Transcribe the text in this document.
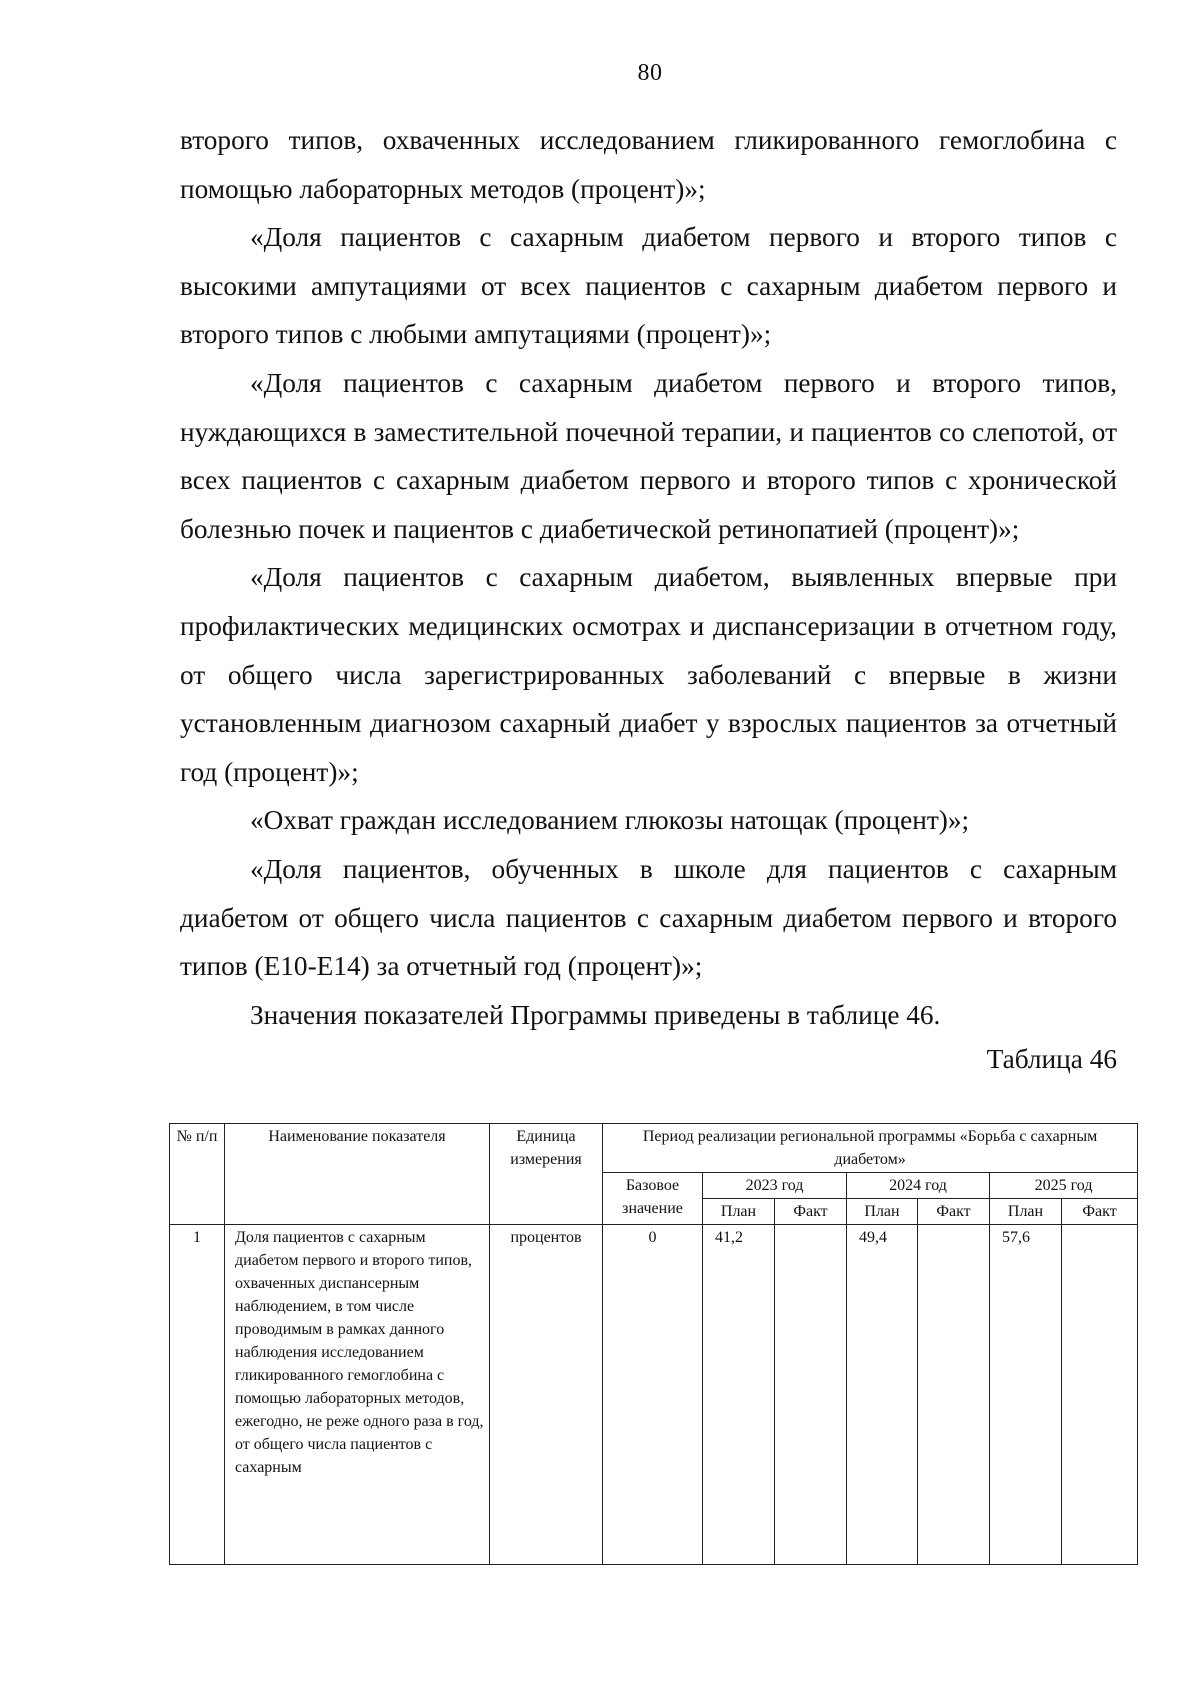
80

второго типов, охваченных исследованием гликированного гемоглобина с помощью лабораторных методов (процент)»;

«Доля пациентов с сахарным диабетом первого и второго типов с высокими ампутациями от всех пациентов с сахарным диабетом первого и второго типов с любыми ампутациями (процент)»;

«Доля пациентов с сахарным диабетом первого и второго типов, нуждающихся в заместительной почечной терапии, и пациентов со слепотой, от всех пациентов с сахарным диабетом первого и второго типов с хронической болезнью почек и пациентов с диабетической ретинопатией (процент)»;

«Доля пациентов с сахарным диабетом, выявленных впервые при профилактических медицинских осмотрах и диспансеризации в отчетном году, от общего числа зарегистрированных заболеваний с впервые в жизни установленным диагнозом сахарный диабет у взрослых пациентов за отчетный год (процент)»;

«Охват граждан исследованием глюкозы натощак (процент)»;

«Доля пациентов, обученных в школе для пациентов с сахарным диабетом от общего числа пациентов с сахарным диабетом первого и второго типов (Е10-Е14) за отчетный год (процент)»;

Значения показателей Программы приведены в таблице 46.

Таблица 46

№ п/п	Наименование показателя	Единица измерения	Период реализации региональной программы «Борьба с сахарным диабетом»						
			Базовое значение	2023 год		2024 год		2025 год	
				План	Факт	План	Факт	План	Факт
1	Доля пациентов с сахарным диабетом первого и второго типов, охваченных диспансерным наблюдением, в том числе проводимым в рамках данного наблюдения исследованием гликированного гемоглобина с помощью лабораторных методов, ежегодно, не реже одного раза в год, от общего числа пациентов с сахарным	процентов	0	41,2		49,4		57,6	
